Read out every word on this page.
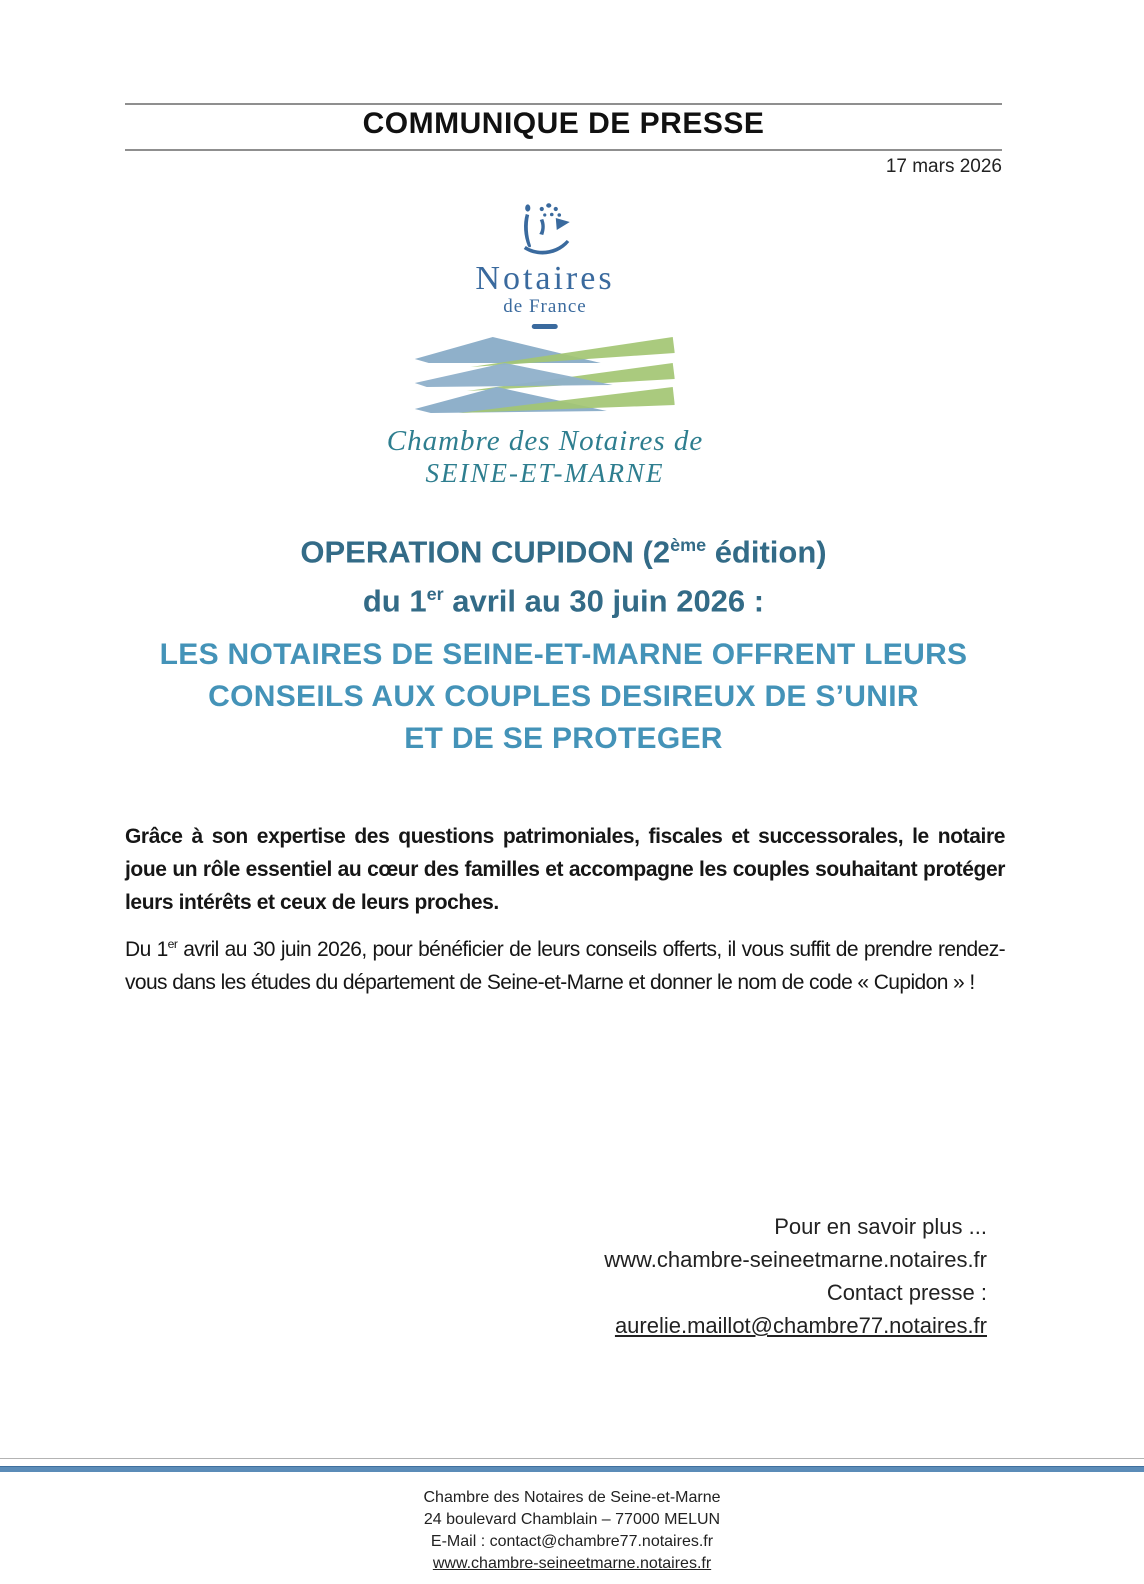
COMMUNIQUE DE PRESSE
17 mars 2026
Notaires
de France
Chambre des Notaires de
SEINE-ET-MARNE
OPERATION CUPIDON (2ème édition)
du 1er avril au 30 juin 2026 :
LES NOTAIRES DE SEINE-ET-MARNE OFFRENT LEURS
CONSEILS AUX COUPLES DESIREUX DE S’UNIR
ET DE SE PROTEGER
Grâce à son expertise des questions patrimoniales, fiscales et successorales, le notaire joue un rôle essentiel au cœur des familles et accompagne les couples souhaitant protéger leurs intérêts et ceux de leurs proches.
Du 1er avril au 30 juin 2026, pour bénéficier de leurs conseils offerts, il vous suffit de prendre rendez-vous dans les études du département de Seine-et-Marne et donner le nom de code « Cupidon » !
Pour en savoir plus ...
www.chambre-seineetmarne.notaires.fr
Contact presse :
aurelie.maillot@chambre77.notaires.fr
Chambre des Notaires de Seine-et-Marne
24 boulevard Chamblain – 77000 MELUN
E-Mail : contact@chambre77.notaires.fr
www.chambre-seineetmarne.notaires.fr
